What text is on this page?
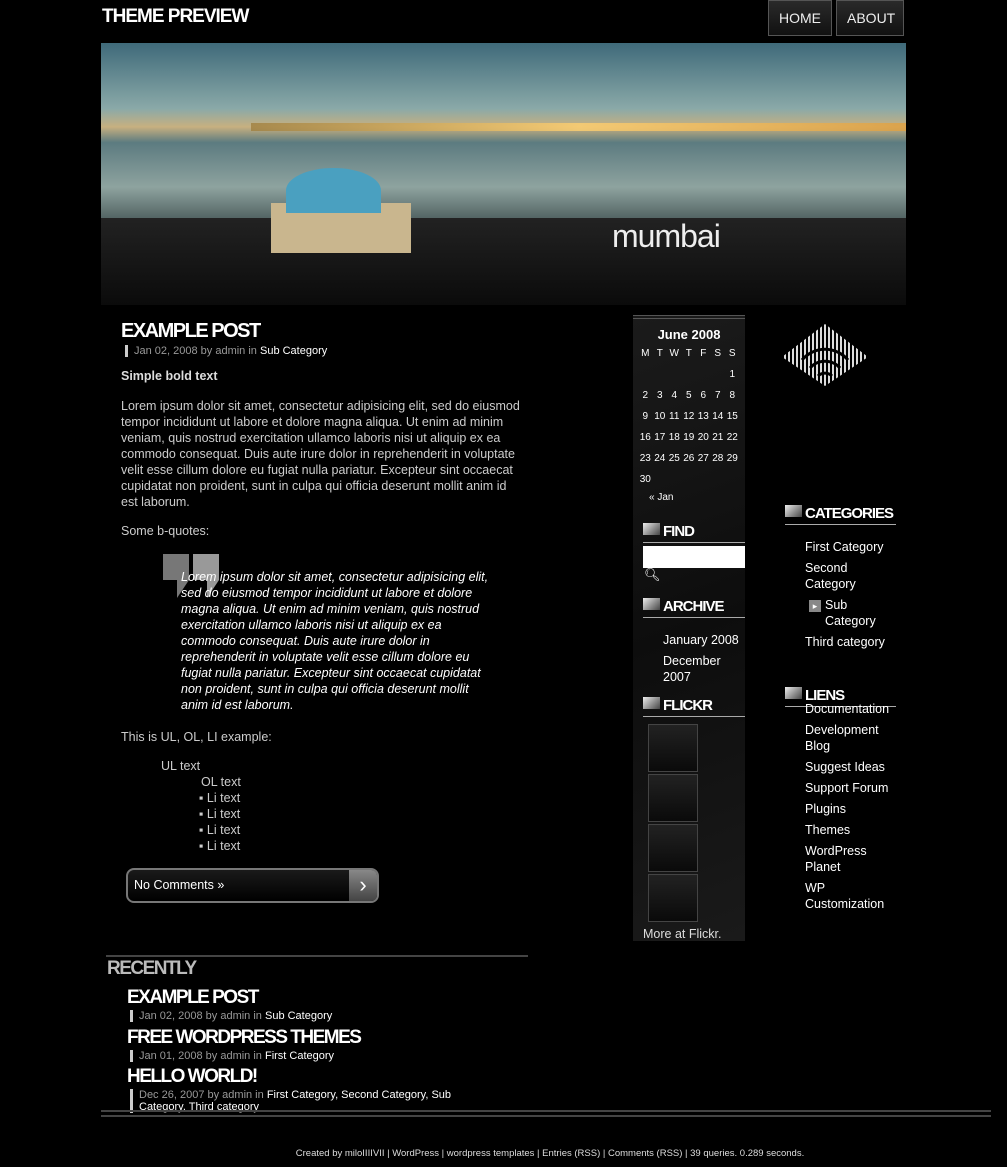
THEME PREVIEW	HOME	ABOUT
mumbai
EXAMPLE POST
Jan 02, 2008 by admin in Sub Category
Simple bold text

Lorem ipsum dolor sit amet, consectetur adipisicing elit, sed do eiusmod tempor incididunt ut labore et dolore magna aliqua. Ut enim ad minim veniam, quis nostrud exercitation ullamco laboris nisi ut aliquip ex ea commodo consequat. Duis aute irure dolor in reprehenderit in voluptate velit esse cillum dolore eu fugiat nulla pariatur. Excepteur sint occaecat cupidatat non proident, sunt in culpa qui officia deserunt mollit anim id est laborum.

Some b-quotes:

Lorem ipsum dolor sit amet, consectetur adipisicing elit, sed do eiusmod tempor incididunt ut labore et dolore magna aliqua. Ut enim ad minim veniam, quis nostrud exercitation ullamco laboris nisi ut aliquip ex ea commodo consequat. Duis aute irure dolor in reprehenderit in voluptate velit esse cillum dolore eu fugiat nulla pariatur. Excepteur sint occaecat cupidatat non proident, sunt in culpa qui officia deserunt mollit anim id est laborum.

This is UL, OL, LI example:

UL text

OL text

▪ Li text

▪ Li text

▪ Li text

▪ Li text

No Comments »	›
RECENTLY
EXAMPLE POST
Jan 02, 2008 by admin in Sub Category
FREE WORDPRESS THEMES
Jan 01, 2008 by admin in First Category
HELLO WORLD!
Dec 26, 2007 by admin in First Category, Second Category, Sub Category, Third category
June 2008
M	T	W	T	F	S	S
						1
2	3	4	5	6	7	8
9	10	11	12	13	14	15
16	17	18	19	20	21	22
23	24	25	26	27	28	29
30						
« Jan
FIND
🔍︎
ARCHIVE
January 2008
December 2007
FLICKR
More at Flickr.
CATEGORIES
First Category
Second Category
▸ Sub Category
Third category
LIENS
Documentation
Development Blog
Suggest Ideas
Support Forum
Plugins
Themes
WordPress Planet
WP Customization
Created by miloIIIIVII | WordPress | wordpress templates | Entries (RSS) | Comments (RSS) | 39 queries. 0.289 seconds.
